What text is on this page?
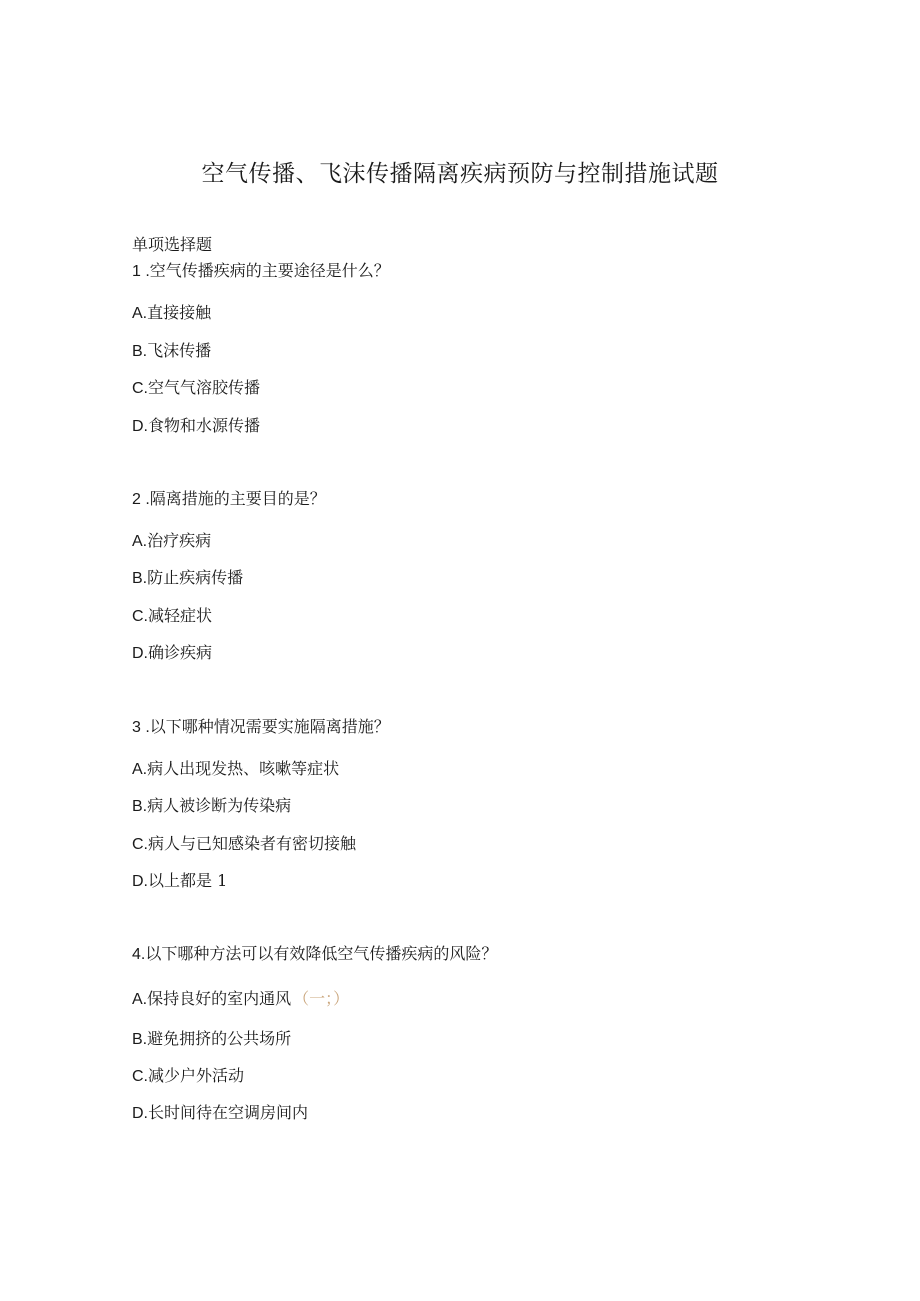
空气传播、飞沫传播隔离疾病预防与控制措施试题
单项选择题
1 .空气传播疾病的主要途径是什么？
A.直接接触
B.飞沫传播
C.空气气溶胶传播
D.食物和水源传播
2 .隔离措施的主要目的是？
A.治疗疾病
B.防止疾病传播
C.减轻症状
D.确诊疾病
3 .以下哪种情况需要实施隔离措施？
A.病人出现发热、咳嗽等症状
B.病人被诊断为传染病
C.病人与已知感染者有密切接触
D.以上都是 1
4.以下哪种方法可以有效降低空气传播疾病的风险？
A.保持良好的室内通风 （一；）
B.避免拥挤的公共场所
C.减少户外活动
D.长时间待在空调房间内
